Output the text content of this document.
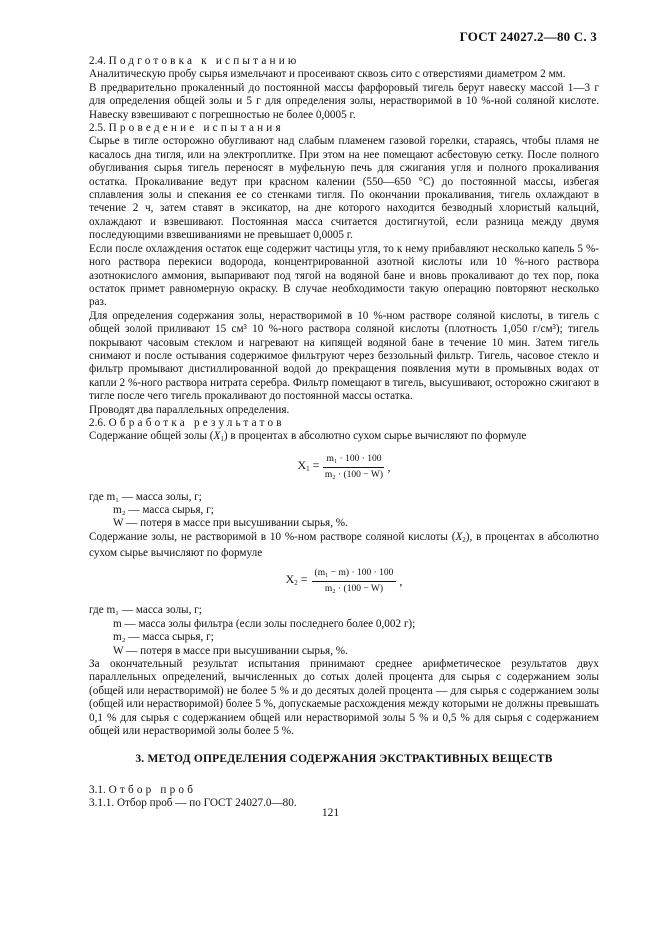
ГОСТ 24027.2—80 С. 3

2.4. Подготовка к испытанию

Аналитическую пробу сырья измельчают и просеивают сквозь сито с отверстиями диаметром 2 мм.

В предварительно прокаленный до постоянной массы фарфоровый тигель берут навеску массой 1—3 г для определения общей золы и 5 г для определения золы, нерастворимой в 10 %-ной соляной кислоте. Навеску взвешивают с погрешностью не более 0,0005 г.

2.5. Проведение испытания

Сырье в тигле осторожно обугливают над слабым пламенем газовой горелки, стараясь, чтобы пламя не касалось дна тигля, или на электроплитке. При этом на нее помещают асбестовую сетку. После полного обугливания сырья тигель переносят в муфельную печь для сжигания угля и полного прокаливания остатка. Прокаливание ведут при красном калении (550—650 °С) до постоянной массы, избегая сплавления золы и спекания ее со стенками тигля. По окончании прокаливания, тигель охлаждают в течение 2 ч, затем ставят в эксикатор, на дне которого находится безводный хлористый кальций, охлаждают и взвешивают. Постоянная масса считается достигнутой, если разница между двумя последующими взвешиваниями не превышает 0,0005 г.

Если после охлаждения остаток еще содержит частицы угля, то к нему прибавляют несколько капель 5 %-ного раствора перекиси водорода, концентрированной азотной кислоты или 10 %-ного раствора азотнокислого аммония, выпаривают под тягой на водяной бане и вновь прокаливают до тех пор, пока остаток примет равномерную окраску. В случае необходимости такую операцию повторяют несколько раз.

Для определения содержания золы, нерастворимой в 10 %-ном растворе соляной кислоты, в тигель с общей золой приливают 15 см³ 10 %-ного раствора соляной кислоты (плотность 1,050 г/см³); тигель покрывают часовым стеклом и нагревают на кипящей водяной бане в течение 10 мин. Затем тигель снимают и после остывания содержимое фильтруют через беззольный фильтр. Тигель, часовое стекло и фильтр промывают дистиллированной водой до прекращения появления мути в промывных водах от капли 2 %-ного раствора нитрата серебра. Фильтр помещают в тигель, высушивают, осторожно сжигают в тигле после чего тигель прокаливают до постоянной массы остатка.

Проводят два параллельных определения.

2.6. Обработка результатов

Содержание общей золы $(X_1)$ в процентах в абсолютно сухом сырье вычисляют по формуле

$X_1 = \frac{\text{m₁ · 100 · 100}}{\text{m₂ · (100 − W)}}$ ,
где m₁ — масса золы, г;
m₂ — масса сырья, г;
W — потеря в массе при высушивании сырья, %.

Содержание золы, не растворимой в 10 %-ном растворе соляной кислоты $(X_2)$, в процентах в абсолютно сухом сырье вычисляют по формуле

$X_2 = \frac{\text{(m₁ − m) · 100 · 100}}{\text{m₂ · (100 − W)}}$ ,
где m₁ — масса золы, г;
m — масса золы фильтра (если золы последнего более 0,002 г);
m₂ — масса сырья, г;
W — потеря в массе при высушивании сырья, %.

За окончательный результат испытания принимают среднее арифметическое результатов двух параллельных определений, вычисленных до сотых долей процента для сырья с содержанием золы (общей или нерастворимой) не более 5 % и до десятых долей процента — для сырья с содержанием золы (общей или нерастворимой) более 5 %, допускаемые расхождения между которыми не должны превышать 0,1 % для сырья с содержанием общей или нерастворимой золы 5 % и 0,5 % для сырья с содержанием общей или нерастворимой золы более 5 %.

3. МЕТОД ОПРЕДЕЛЕНИЯ СОДЕРЖАНИЯ ЭКСТРАКТИВНЫХ ВЕЩЕСТВ

3.1. Отбор проб

3.1.1. Отбор проб — по ГОСТ 24027.0—80.

121
